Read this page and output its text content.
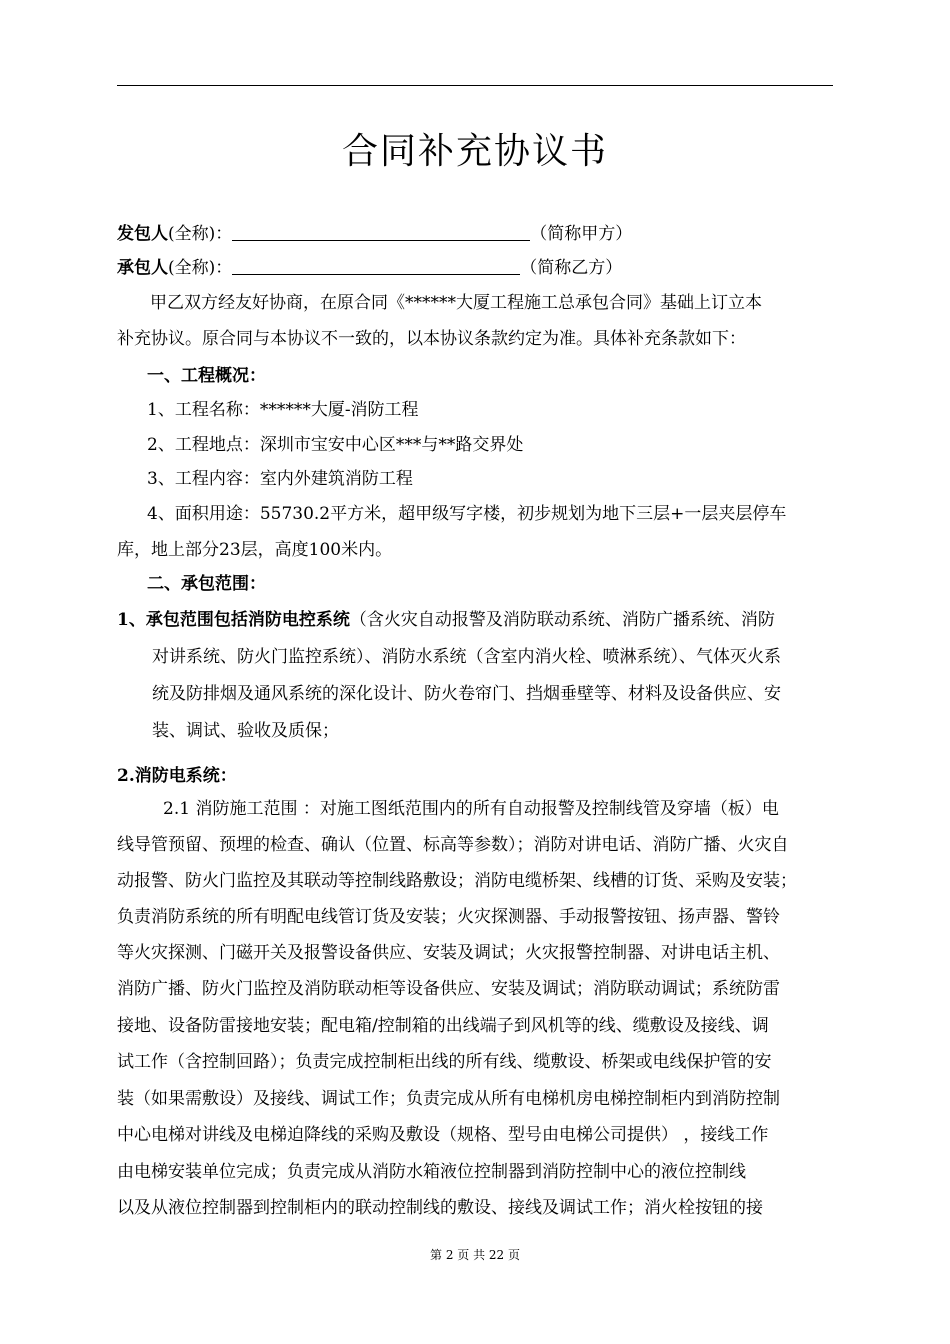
合同补充协议书
发包人(全称)：	（简称甲方）
承包人(全称)：	（简称乙方）
甲乙双方经友好协商，在原合同《******大厦工程施工总承包合同》基础上订立本
补充协议。原合同与本协议不一致的，以本协议条款约定为准。具体补充条款如下：
一、工程概况：
1、工程名称：******大厦-消防工程
2、工程地点：深圳市宝安中心区***与**路交界处
3、工程内容：室内外建筑消防工程
4、面积用途：55730.2平方米，超甲级写字楼，初步规划为地下三层+一层夹层停车
库，地上部分23层，高度100米内。
二、承包范围：
1、承包范围包括消防电控系统（含火灾自动报警及消防联动系统、消防广播系统、消防
对讲系统、防火门监控系统）、消防水系统（含室内消火栓、喷淋系统）、气体灭火系
统及防排烟及通风系统的深化设计、防火卷帘门、挡烟垂壁等、材料及设备供应、安
装、调试、验收及质保；
2.消防电系统：
2.1 消防施工范围 ：对施工图纸范围内的所有自动报警及控制线管及穿墙（板）电
线导管预留、预埋的检查、确认（位置、标高等参数）；消防对讲电话、消防广播、火灾自
动报警、防火门监控及其联动等控制线路敷设；消防电缆桥架、线槽的订货、采购及安装；
负责消防系统的所有明配电线管订货及安装；火灾探测器、手动报警按钮、扬声器、警铃
等火灾探测、门磁开关及报警设备供应、安装及调试；火灾报警控制器、对讲电话主机、
消防广播、防火门监控及消防联动柜等设备供应、安装及调试；消防联动调试；系统防雷
接地、设备防雷接地安装；配电箱/控制箱的出线端子到风机等的线、缆敷设及接线、调
试工作（含控制回路）；负责完成控制柜出线的所有线、缆敷设、桥架或电线保护管的安
装（如果需敷设）及接线、调试工作；负责完成从所有电梯机房电梯控制柜内到消防控制
中心电梯对讲线及电梯迫降线的采购及敷设（规格、型号由电梯公司提供） ，接线工作
由电梯安装单位完成；负责完成从消防水箱液位控制器到消防控制中心的液位控制线
以及从液位控制器到控制柜内的联动控制线的敷设、接线及调试工作；消火栓按钮的接
第 2 页 共 22 页
